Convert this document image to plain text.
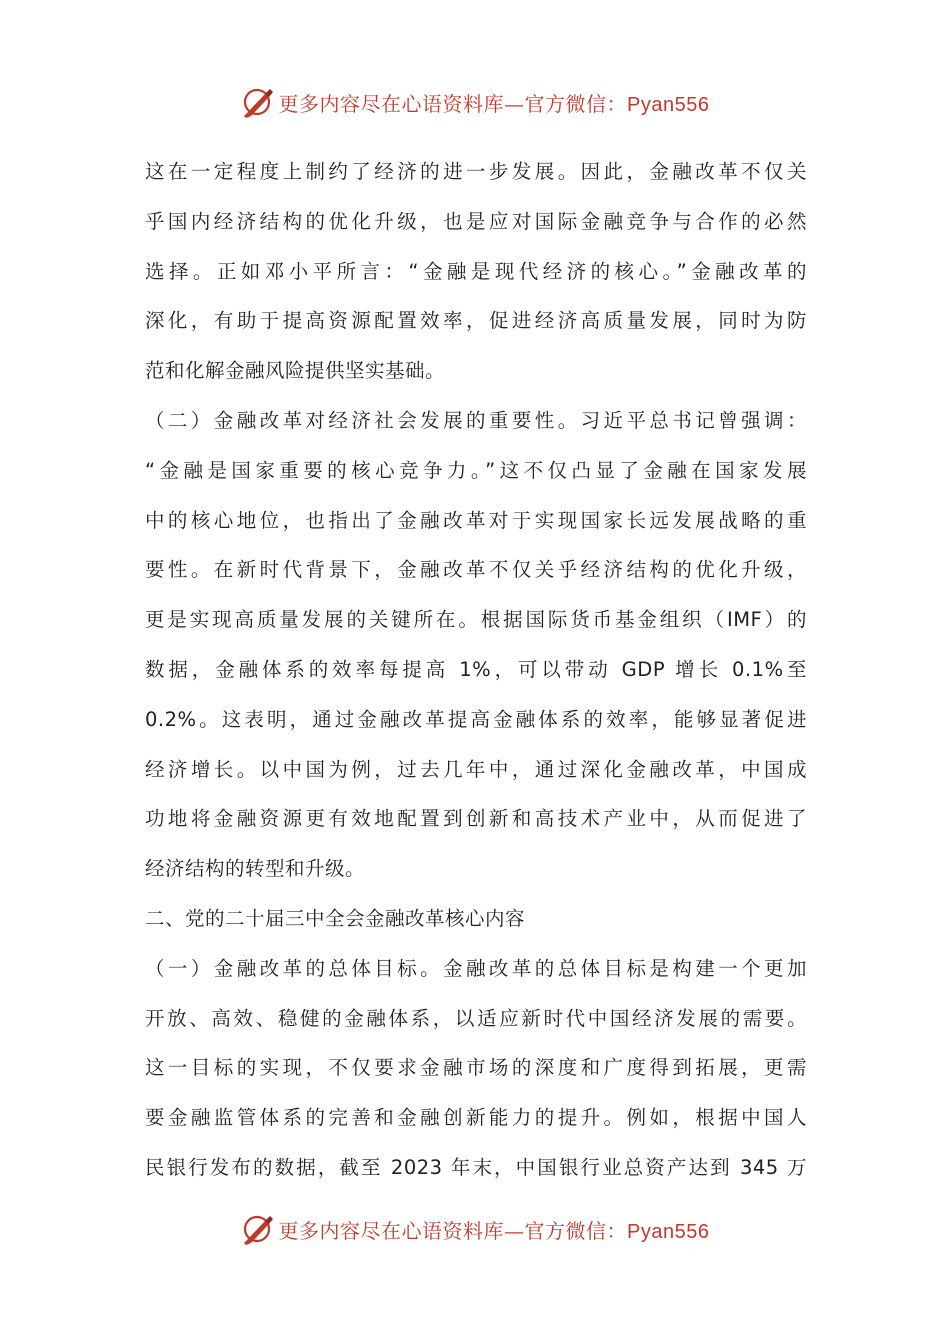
更多内容尽在心语资料库—官方微信：Pyan556
这在一定程度上制约了经济的进一步发展。因此，金融改革不仅关
乎国内经济结构的优化升级，也是应对国际金融竞争与合作的必然
选择。正如邓小平所言：“金融是现代经济的核心。”金融改革的
深化，有助于提高资源配置效率，促进经济高质量发展，同时为防
范和化解金融风险提供坚实基础。
（二）金融改革对经济社会发展的重要性。习近平总书记曾强调：
“金融是国家重要的核心竞争力。”这不仅凸显了金融在国家发展
中的核心地位，也指出了金融改革对于实现国家长远发展战略的重
要性。在新时代背景下，金融改革不仅关乎经济结构的优化升级，
更是实现高质量发展的关键所在。根据国际货币基金组织（IMF）的
数据，金融体系的效率每提高 1%，可以带动 GDP 增长 0.1%至
0.2%。这表明，通过金融改革提高金融体系的效率，能够显著促进
经济增长。以中国为例，过去几年中，通过深化金融改革，中国成
功地将金融资源更有效地配置到创新和高技术产业中，从而促进了
经济结构的转型和升级。
二、党的二十届三中全会金融改革核心内容
（一）金融改革的总体目标。金融改革的总体目标是构建一个更加
开放、高效、稳健的金融体系，以适应新时代中国经济发展的需要。
这一目标的实现，不仅要求金融市场的深度和广度得到拓展，更需
要金融监管体系的完善和金融创新能力的提升。例如，根据中国人
民银行发布的数据，截至 2023 年末，中国银行业总资产达到 345 万
更多内容尽在心语资料库—官方微信：Pyan556
